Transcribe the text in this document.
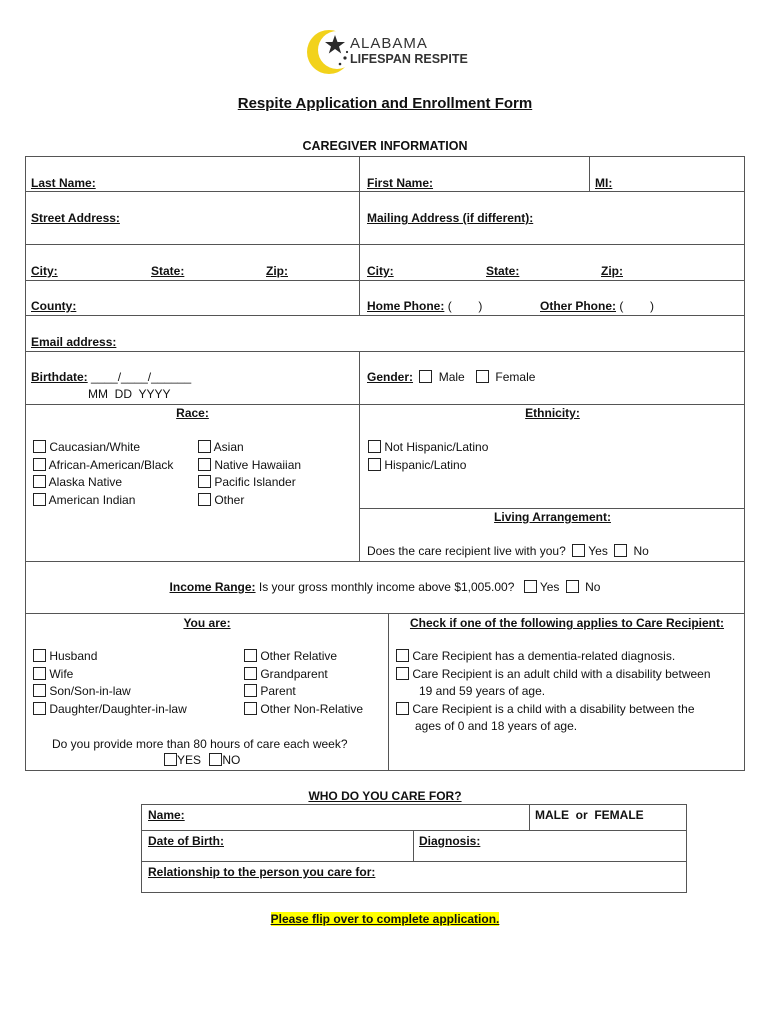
ALABAMA
LIFESPAN RESPITE
Respite Application and Enrollment Form
CAREGIVER INFORMATION
Last Name:	First Name:	MI:
Street Address:	Mailing Address (if different):
City:	State:	Zip:	City:	State:	Zip:
County:	Home Phone: (        )	Other Phone: (        )
Email address:
Birthdate: ____/____/______
MM  DD  YYYY
Gender: Male	Female
Race:	Ethnicity:
Caucasian/White
African-American/Black
Alaska Native
American Indian
Asian
Native Hawaiian
Pacific Islander
Other
Not Hispanic/Latino
Hispanic/Latino
Living Arrangement:
Does the care recipient live with you? Yes No
Income Range: Is your gross monthly income above $1,005.00? Yes No
You are:
Husband
Wife
Son/Son-in-law
Daughter/Daughter-in-law
Other Relative
Grandparent
Parent
Other Non-Relative
Do you provide more than 80 hours of care each week?
YES NO
Check if one of the following applies to Care Recipient:
Care Recipient has a dementia-related diagnosis.
Care Recipient is an adult child with a disability between
19 and 59 years of age.
Care Recipient is a child with a disability between the
ages of 0 and 18 years of age.
WHO DO YOU CARE FOR?
Name:	MALE  or  FEMALE
Date of Birth:	Diagnosis:
Relationship to the person you care for:
Please flip over to complete application.
